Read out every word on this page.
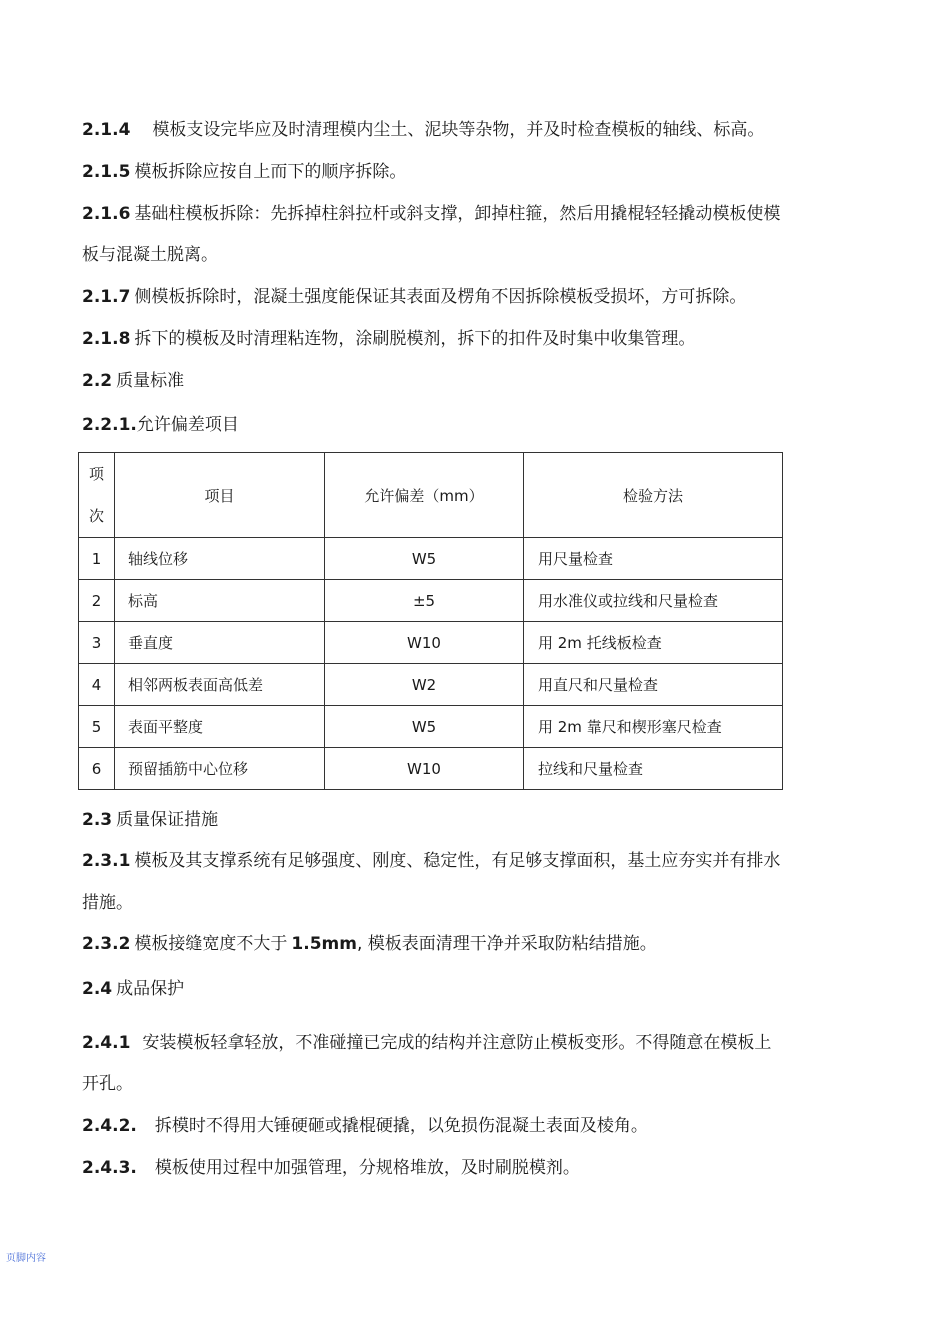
2.1.4 模板支设完毕应及时清理模内尘土、泥块等杂物，并及时检查模板的轴线、标高。

2.1.5 模板拆除应按自上而下的顺序拆除。

2.1.6 基础柱模板拆除：先拆掉柱斜拉杆或斜支撑，卸掉柱箍，然后用撬棍轻轻撬动模板使模

板与混凝土脱离。

2.1.7 侧模板拆除时，混凝土强度能保证其表面及楞角不因拆除模板受损坏，方可拆除。

2.1.8 拆下的模板及时清理粘连物，涂刷脱模剂，拆下的扣件及时集中收集管理。

2.2 质量标准

2.2.1.允许偏差项目

项
次	项目	允许偏差（mm）	检验方法
1	轴线位移	W5	用尺量检查
2	标高	±5	用水准仪或拉线和尺量检查
3	垂直度	W10	用 2m 托线板检查
4	相邻两板表面高低差	W2	用直尺和尺量检查
5	表面平整度	W5	用 2m 靠尺和楔形塞尺检查
6	预留插筋中心位移	W10	拉线和尺量检查

2.3 质量保证措施

2.3.1 模板及其支撑系统有足够强度、刚度、稳定性，有足够支撑面积，基土应夯实并有排水

措施。

2.3.2 模板接缝宽度不大于 1.5mm, 模板表面清理干净并采取防粘结措施。

2.4 成品保护

2.4.1 安装模板轻拿轻放，不准碰撞已完成的结构并注意防止模板变形。不得随意在模板上

开孔。

2.4.2. 拆模时不得用大锤硬砸或撬棍硬撬，以免损伤混凝土表面及棱角。

2.4.3. 模板使用过程中加强管理，分规格堆放，及时刷脱模剂。

页脚内容
